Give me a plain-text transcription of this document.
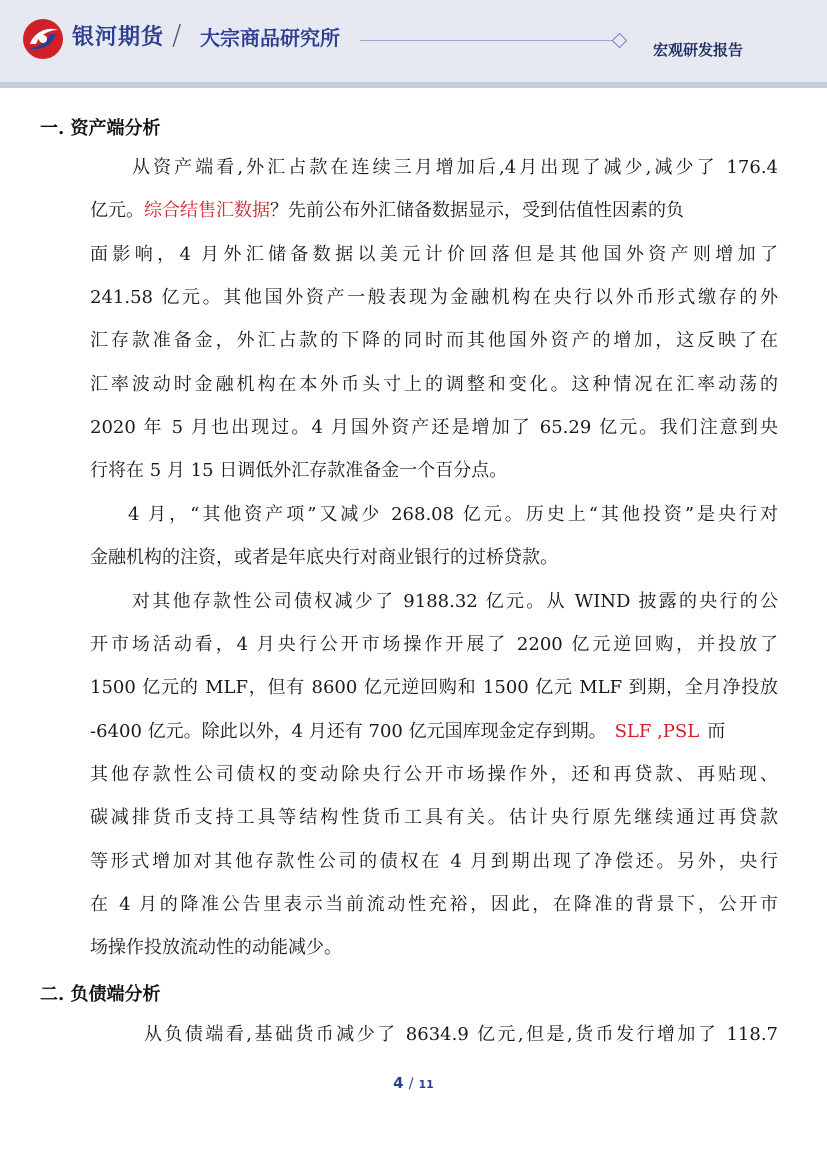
银河期货 / 大宗商品研究所	宏观研发报告
一. 资产端分析
从资产端看,外汇占款在连续三月增加后,4月出现了减少,减少了 176.4
亿元。综合结售汇数据？先前公布外汇储备数据显示，受到估值性因素的负
面影响，4 月外汇储备数据以美元计价回落但是其他国外资产则增加了
241.58 亿元。其他国外资产一般表现为金融机构在央行以外币形式缴存的外
汇存款准备金，外汇占款的下降的同时而其他国外资产的增加，这反映了在
汇率波动时金融机构在本外币头寸上的调整和变化。这种情况在汇率动荡的
2020 年 5 月也出现过。4 月国外资产还是增加了 65.29 亿元。我们注意到央
行将在 5 月 15 日调低外汇存款准备金一个百分点。
4 月，“其他资产项”又减少 268.08 亿元。历史上“其他投资”是央行对
金融机构的注资，或者是年底央行对商业银行的过桥贷款。
对其他存款性公司债权减少了 9188.32 亿元。从 WIND 披露的央行的公
开市场活动看，4 月央行公开市场操作开展了 2200 亿元逆回购，并投放了
1500 亿元的 MLF，但有 8600 亿元逆回购和 1500 亿元 MLF 到期，全月净投放
-6400 亿元。除此以外，4 月还有 700 亿元国库现金定存到期。 SLF ,PSL 而
其他存款性公司债权的变动除央行公开市场操作外，还和再贷款、再贴现、
碳减排货币支持工具等结构性货币工具有关。估计央行原先继续通过再贷款
等形式增加对其他存款性公司的债权在 4 月到期出现了净偿还。另外，央行
在 4 月的降准公告里表示当前流动性充裕，因此，在降准的背景下，公开市
场操作投放流动性的动能减少。
二. 负债端分析
从负债端看,基础货币减少了 8634.9 亿元,但是,货币发行增加了 118.7
4 / 11
